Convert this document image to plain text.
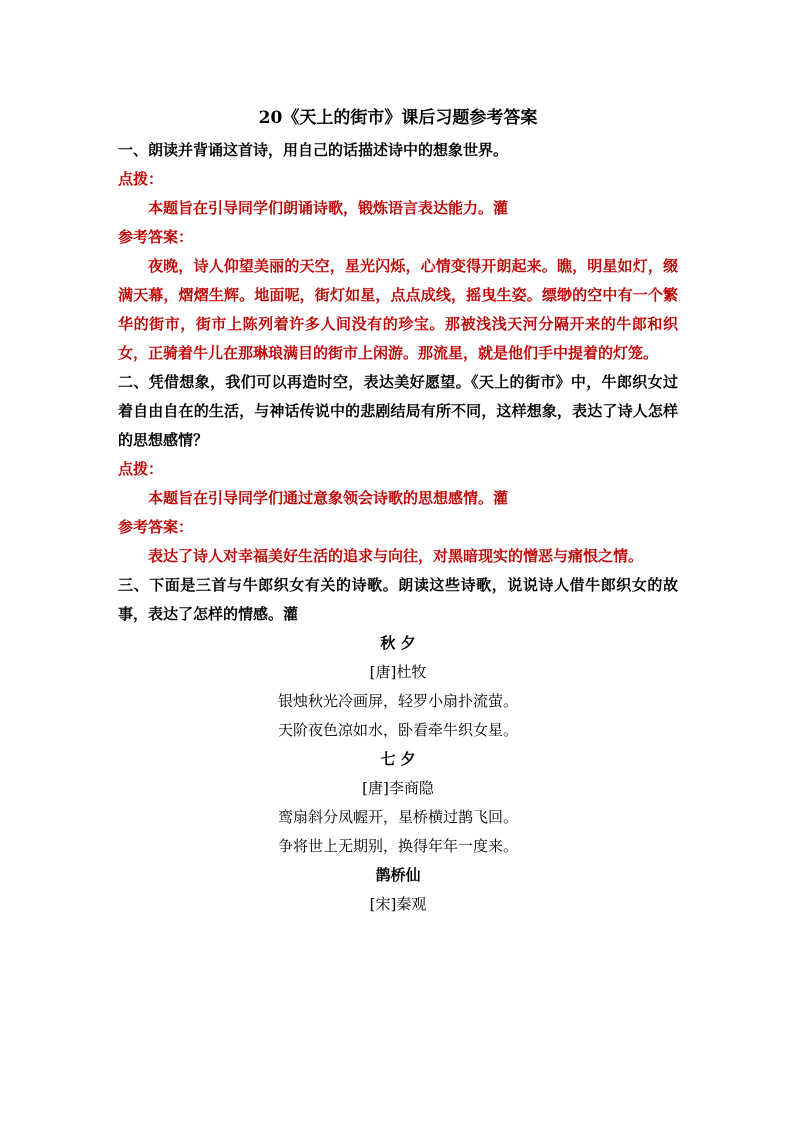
20《天上的街市》课后习题参考答案
一、朗读并背诵这首诗，用自己的话描述诗中的想象世界。
点拨：
本题旨在引导同学们朗诵诗歌，锻炼语言表达能力。灌
参考答案：
夜晚，诗人仰望美丽的天空，星光闪烁，心情变得开朗起来。瞧，明星如灯，缀满天幕，熠熠生辉。地面呢，街灯如星，点点成线，摇曳生姿。缥缈的空中有一个繁华的街市，街市上陈列着许多人间没有的珍宝。那被浅浅天河分隔开来的牛郎和织女，正骑着牛儿在那琳琅满目的街市上闲游。那流星，就是他们手中提着的灯笼。
二、凭借想象，我们可以再造时空，表达美好愿望。《天上的街市》中，牛郎织女过着自由自在的生活，与神话传说中的悲剧结局有所不同，这样想象，表达了诗人怎样的思想感情？
点拨：
本题旨在引导同学们通过意象领会诗歌的思想感情。灌
参考答案：
表达了诗人对幸福美好生活的追求与向往，对黑暗现实的憎恶与痛恨之情。
三、下面是三首与牛郎织女有关的诗歌。朗读这些诗歌，说说诗人借牛郎织女的故事，表达了怎样的情感。灌
秋 夕
[唐]杜牧
银烛秋光冷画屏，轻罗小扇扑流萤。
天阶夜色凉如水，卧看牵牛织女星。
七 夕
[唐]李商隐
鸾扇斜分凤幄开，星桥横过鹊飞回。
争将世上无期别，换得年年一度来。
鹊桥仙
[宋]秦观
